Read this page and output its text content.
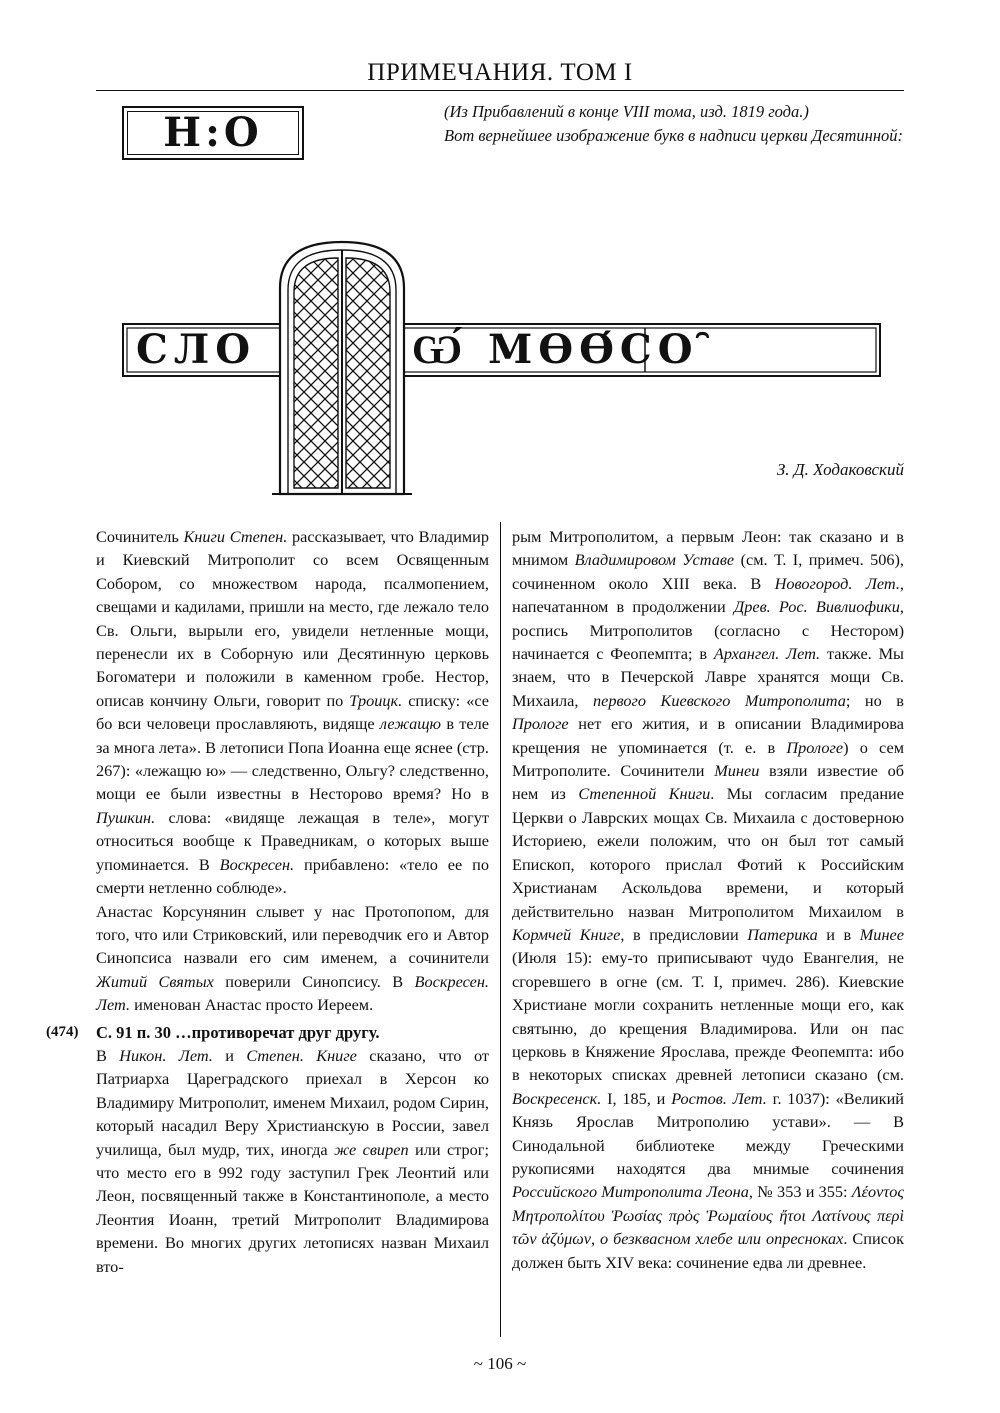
ПРИМЕЧАНИЯ. ТОМ I
Н:О	(Из Прибавлений в конце VIII тома, изд. 1819 года.)
Вот вернейшее изображение букв в надписи церкви Десятинной:
СЛО	Ѡ́ МѲѲ́СО ̑
З. Д. Ходаковский

Сочинитель Книги Степен. рассказывает, что Владимир и Киевский Митрополит со всем Освященным Собором, со множеством народа, псалмопением, свещами и кадилами, пришли на место, где лежало тело Св. Ольги, вырыли его, увидели нетленные мощи, перенесли их в Соборную или Десятинную церковь Богоматери и положили в каменном гробе. Нестор, описав кончину Ольги, говорит по Троицк. списку: «се бо вси человеци прославляють, видяще лежащю в теле за многа лета». В летописи Попа Иоанна еще яснее (стр. 267): «лежащю ю» — следственно, Ольгу? следственно, мощи ее были известны в Несторово время? Но в Пушкин. слова: «видяще лежащая в теле», могут относиться вообще к Праведникам, о которых выше упоминается. В Воскресен. прибавлено: «тело ее по смерти нетленно соблюде».

Анастас Корсунянин слывет у нас Протопопом, для того, что или Стриковский, или переводчик его и Автор Синопсиса назвали его сим именем, а сочинители Житий Святых поверили Синопсису. В Воскресен. Лет. именован Анастас просто Иереем.

(474) С. 91 п. 30 …противоречат друг другу.

В Никон. Лет. и Степен. Книге сказано, что от Патриарха Цареградского приехал в Херсон ко Владимиру Митрополит, именем Михаил, родом Сирин, который насадил Веру Христианскую в России, завел училища, был мудр, тих, иногда же свиреп или строг; что место его в 992 году заступил Грек Леонтий или Леон, посвященный также в Константинополе, а место Леонтия Иоанн, третий Митрополит Владимирова времени. Во многих других летописях назван Михаил вто-

рым Митрополитом, а первым Леон: так сказано и в мнимом Владимировом Уставе (см. Т. I, примеч. 506), сочиненном около XIII века. В Новогород. Лет., напечатанном в продолжении Древ. Рос. Вивлиофики, роспись Митрополитов (согласно с Нестором) начинается с Феопемпта; в Архангел. Лет. также. Мы знаем, что в Печерской Лавре хранятся мощи Св. Михаила, первого Киевского Митрополита; но в Прологе нет его жития, и в описании Владимирова крещения не упоминается (т. е. в Прологе) о сем Митрополите. Сочинители Минеи взяли известие об нем из Степенной Книги. Мы согласим предание Церкви о Лаврских мощах Св. Михаила с достоверною Историею, ежели положим, что он был тот самый Епископ, которого прислал Фотий к Российским Христианам Аскольдова времени, и который действительно назван Митрополитом Михаилом в Кормчей Книге, в предисловии Патерика и в Минее (Июля 15): ему-то приписывают чудо Евангелия, не сгоревшего в огне (см. Т. I, примеч. 286). Киевские Христиане могли сохранить нетленные мощи его, как святыню, до крещения Владимирова. Или он пас церковь в Княжение Ярослава, прежде Феопемпта: ибо в некоторых списках древней летописи сказано (см. Воскресенск. I, 185, и Ростов. Лет. г. 1037): «Великий Князь Ярослав Митрополию устави». — В Синодальной библиотеке между Греческими рукописями находятся два мнимые сочинения Российского Митрополита Леона, № 353 и 355: Λέοντος Μητροπολίτου Ῥωσίας πρὸς Ῥωμαίους ἤτοι Λατίνους περὶ τῶν ἀζύμων, о безквасном хлебе или опресноках. Список должен быть XIV века: сочинение едва ли древнее.

~ 106 ~
